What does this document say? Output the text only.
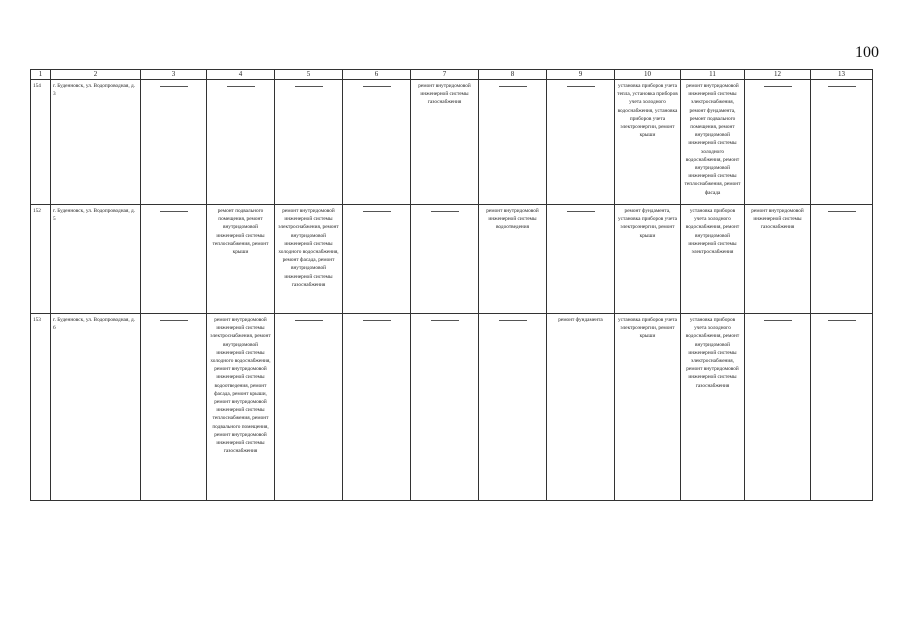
100
1	2	3	4	5	6	7	8	9	10	11	12	13
154	г. Буденновск, ул. Водопроводная, д. 3					ремонт внутридомовой инженерной системы газоснабжения			установка приборов учета тепла, установка приборов учета холодного водоснабжения, установка приборов учета электроэнергии, ремонт крыши	ремонт внутридомовой инженерной системы электроснабжения, ремонт фундамента, ремонт подвального помещения, ремонт внутридомовой инженерной системы холодного водоснабжения, ремонт внутридомовой инженерной системы теплоснабжения, ремонт фасада	

152	г. Буденновск, ул. Водопроводная, д. 5		ремонт подвального помещения, ремонт внутридомовой инженерной системы теплоснабжения, ремонт крыши	ремонт внутридомовой инженерной системы электроснабжения, ремонт внутридомовой инженерной системы холодного водоснабжения, ремонт фасада, ремонт внутридомовой инженерной системы газоснабжения			ремонт внутридомовой инженерной системы водоотведения		ремонт фундамента, установка приборов учета электроэнергии, ремонт крыши	установка приборов учета холодного водоснабжения, ремонт внутридомовой инженерной системы электроснабжения	ремонт внутридомовой инженерной системы газоснабжения	

153	г. Буденновск, ул. Водопроводная, д. 6		ремонт внутридомовой инженерной системы электроснабжения, ремонт внутридомовой инженерной системы холодного водоснабжения, ремонт внутридомовой инженерной системы водоотведения, ремонт фасада, ремонт крыши, ремонт внутридомовой инженерной системы теплоснабжения, ремонт подвального помещения, ремонт внутридомовой инженерной системы газоснабжения					ремонт фундамента	установка приборов учета электроэнергии, ремонт крыши	установка приборов учета холодного водоснабжения, ремонт внутридомовой инженерной системы электроснабжения, ремонт внутридомовой инженерной системы газоснабжения	
